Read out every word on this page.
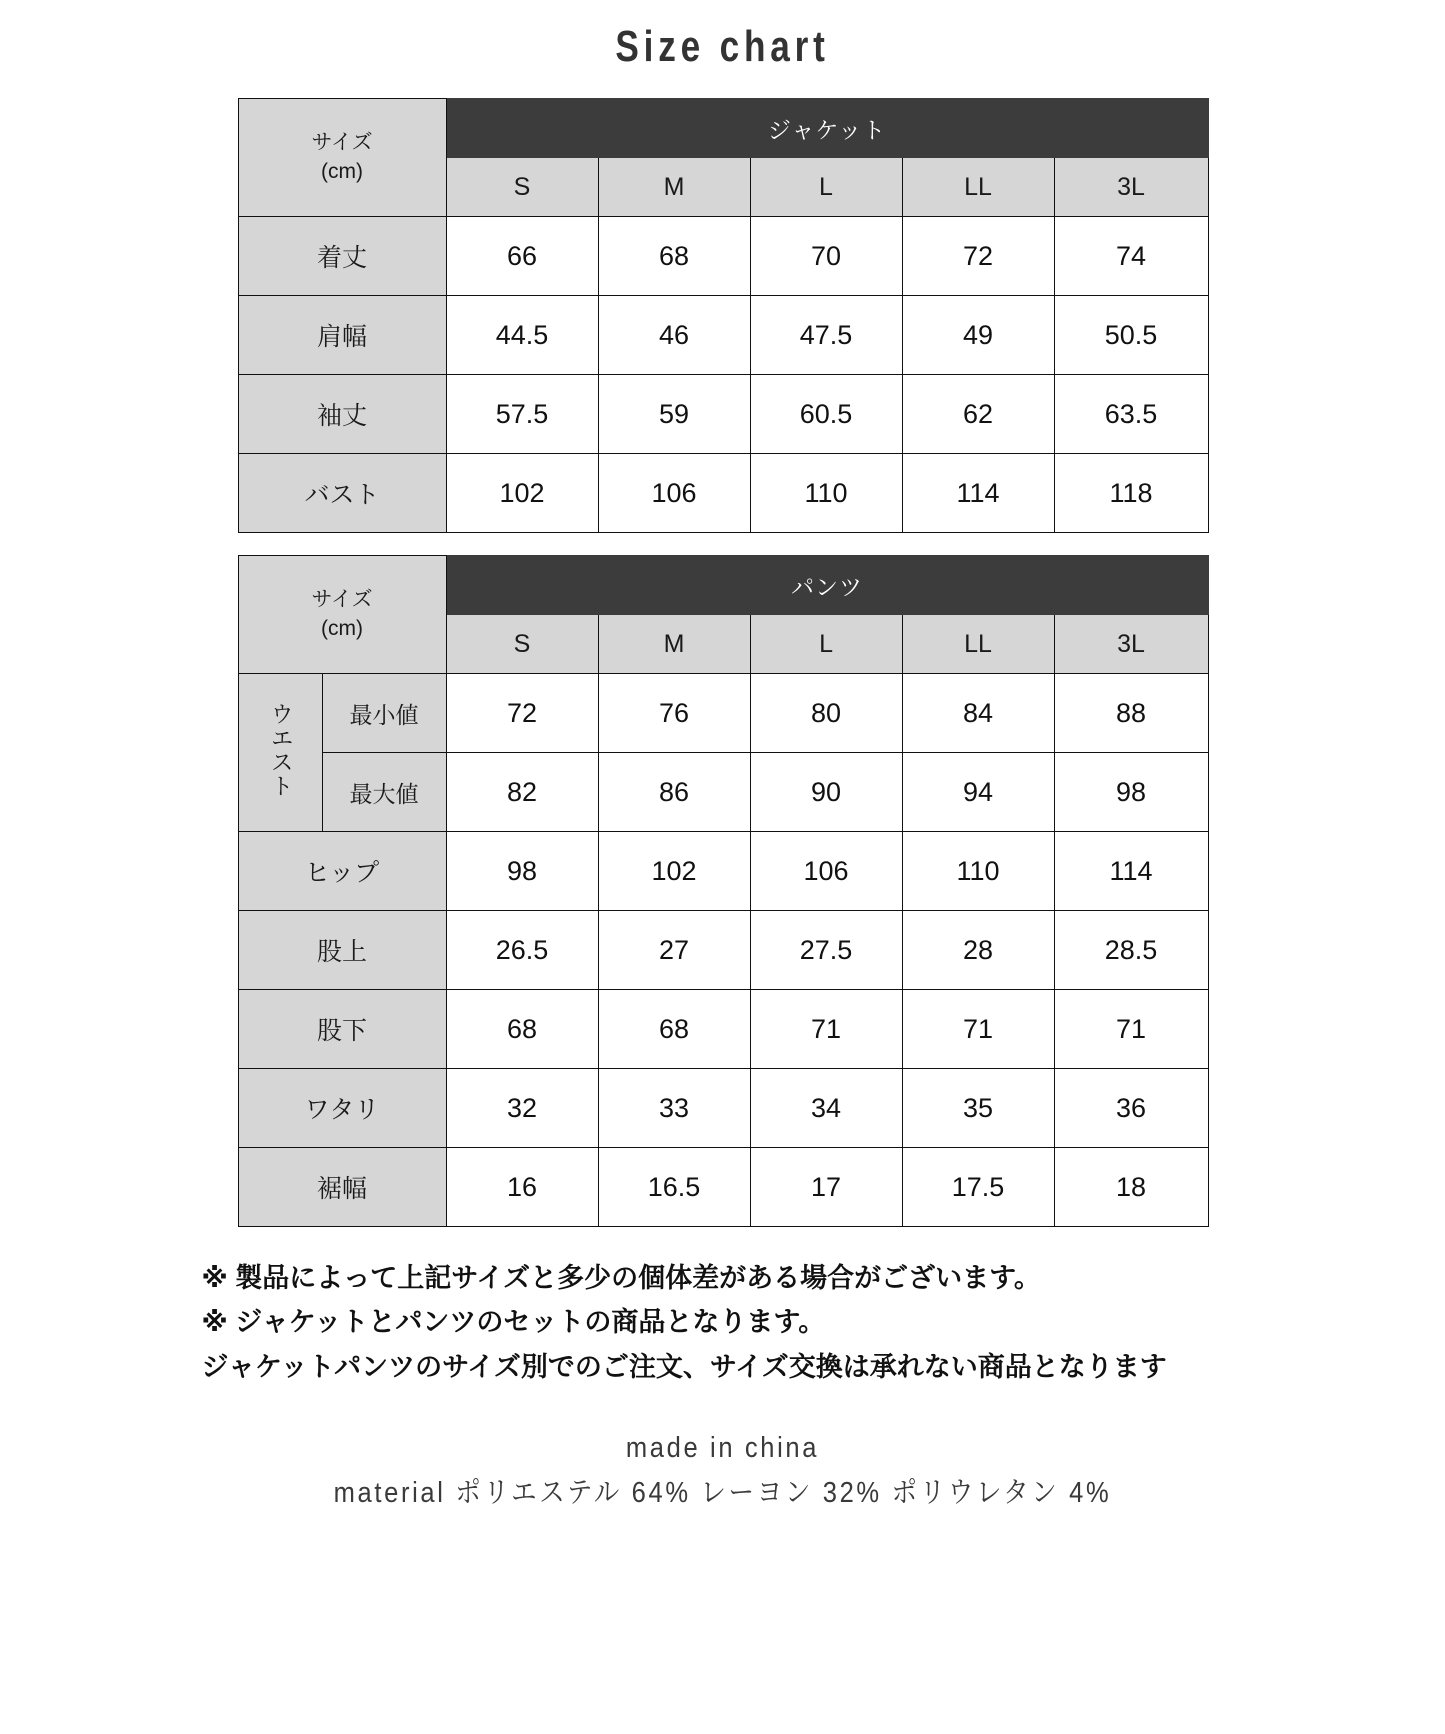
Size chart
サイズ
(cm)	ジャケット				
	S	M	L	LL	3L
着丈	66	68	70	72	74
肩幅	44.5	46	47.5	49	50.5
袖丈	57.5	59	60.5	62	63.5
バスト	102	106	110	114	118
サイズ
(cm)		パンツ				
		S	M	L	LL	3L
ウエスト	最小値	72	76	80	84	88
	最大値	82	86	90	94	98
ヒップ		98	102	106	110	114
股上		26.5	27	27.5	28	28.5
股下		68	68	71	71	71
ワタリ		32	33	34	35	36
裾幅		16	16.5	17	17.5	18
※ 製品によって上記サイズと多少の個体差がある場合がございます。
※ ジャケットとパンツのセットの商品となります。
ジャケットパンツのサイズ別でのご注文、サイズ交換は承れない商品となります
made in china
material ポリエステル 64% レーヨン 32% ポリウレタン 4%
